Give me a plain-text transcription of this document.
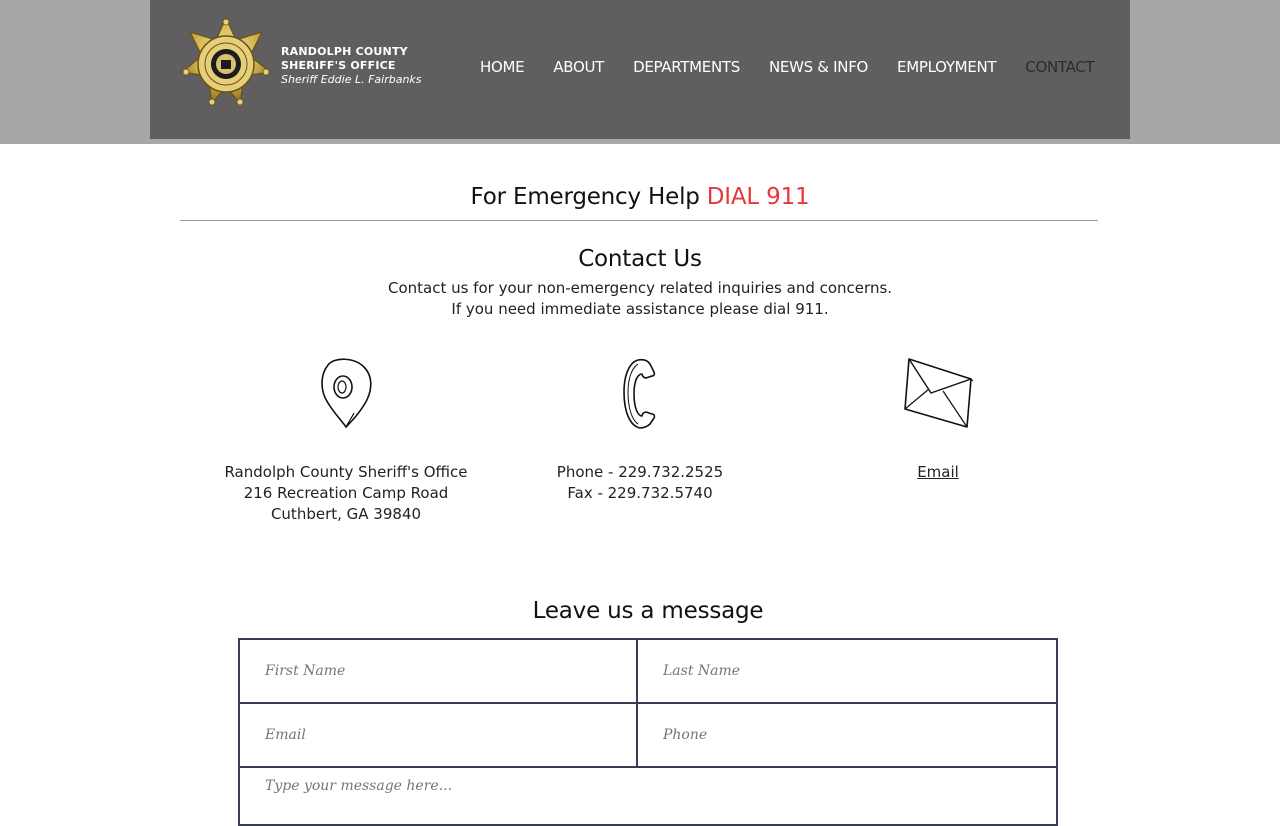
RANDOLPH COUNTY
SHERIFF'S OFFICE
Sheriff Eddie L. Fairbanks
HOME ABOUT DEPARTMENTS NEWS & INFO EMPLOYMENT CONTACT
For Emergency Help DIAL 911
Contact Us
Contact us for your non-emergency related inquiries and concerns.
If you need immediate assistance please dial 911.
Randolph County Sheriff's Office
216 Recreation Camp Road
Cuthbert, GA 39840
Phone - 229.732.2525
Fax - 229.732.5740
Email
Leave us a message
First Name
Last Name
Email
Phone
Type your message here...
